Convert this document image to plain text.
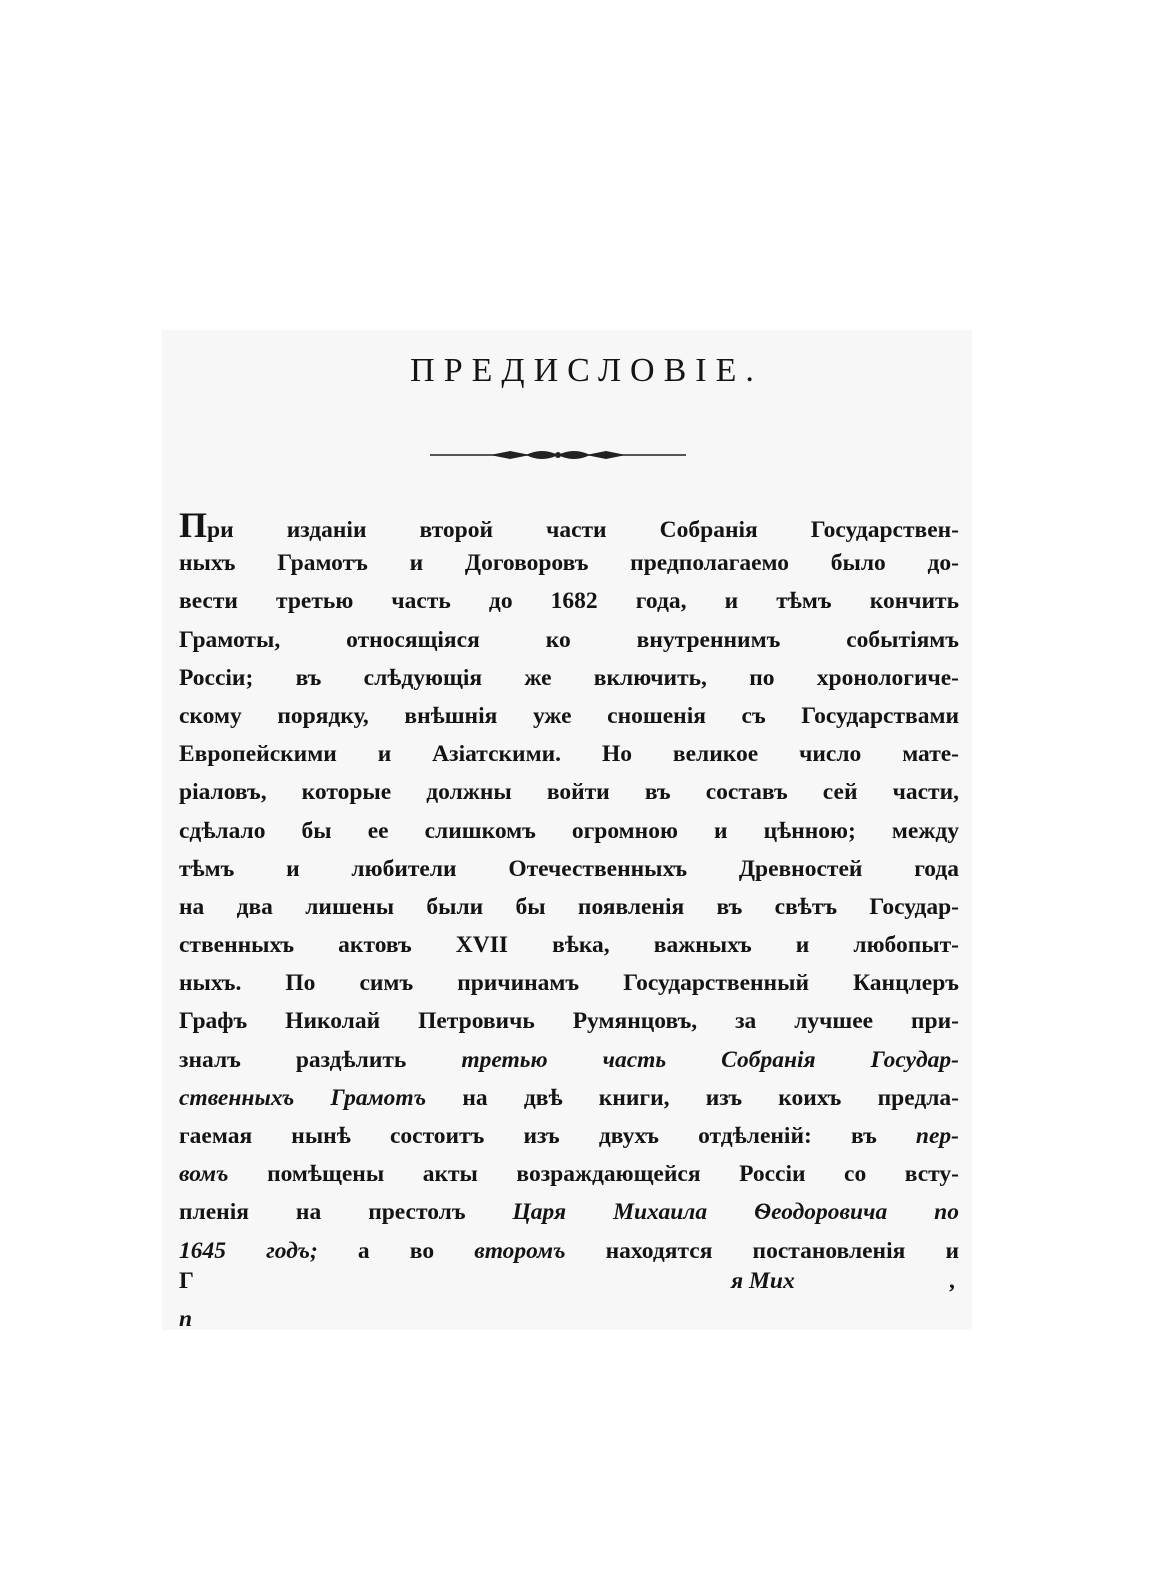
ПРЕДИСЛОВІЕ.
При изданіи второй части Собранія Государствен-
ныхъ Грамотъ и Договоровъ предполагаемо было до-
вести третью часть до 1682 года, и тѣмъ кончить
Грамоты, относящіяся ко внутреннимъ событіямъ
Россіи; въ слѣдующія же включить, по хронологиче-
скому порядку, внѣшнія уже сношенія съ Государствами
Европейскими и Азіатскими. Но великое число мате-
ріаловъ, которые должны войти въ составъ сей части,
сдѣлало бы ее слишкомъ огромною и цѣнною; между
тѣмъ и любители Отечественныхъ Древностей года
на два лишены были бы появленія въ свѣтъ Государ-
ственныхъ актовъ XVII вѣка, важныхъ и любопыт-
ныхъ. По симъ причинамъ Государственный Канцлеръ
Графъ Николай Петровичь Румянцовъ, за лучшее при-
зналъ раздѣлить третью часть Собранія Государ-
ственныхъ Грамотъ на двѣ книги, изъ коихъ предла-
гаемая нынѣ состоитъ изъ двухъ отдѣленій: въ пер-
вомъ помѣщены акты возраждающейся Россіи со всту-
пленія на престолъ Царя Михаила Ѳеодоровича по
1645 годъ; а во второмъ находятся постановленія и
Г	я Мих	,
п
